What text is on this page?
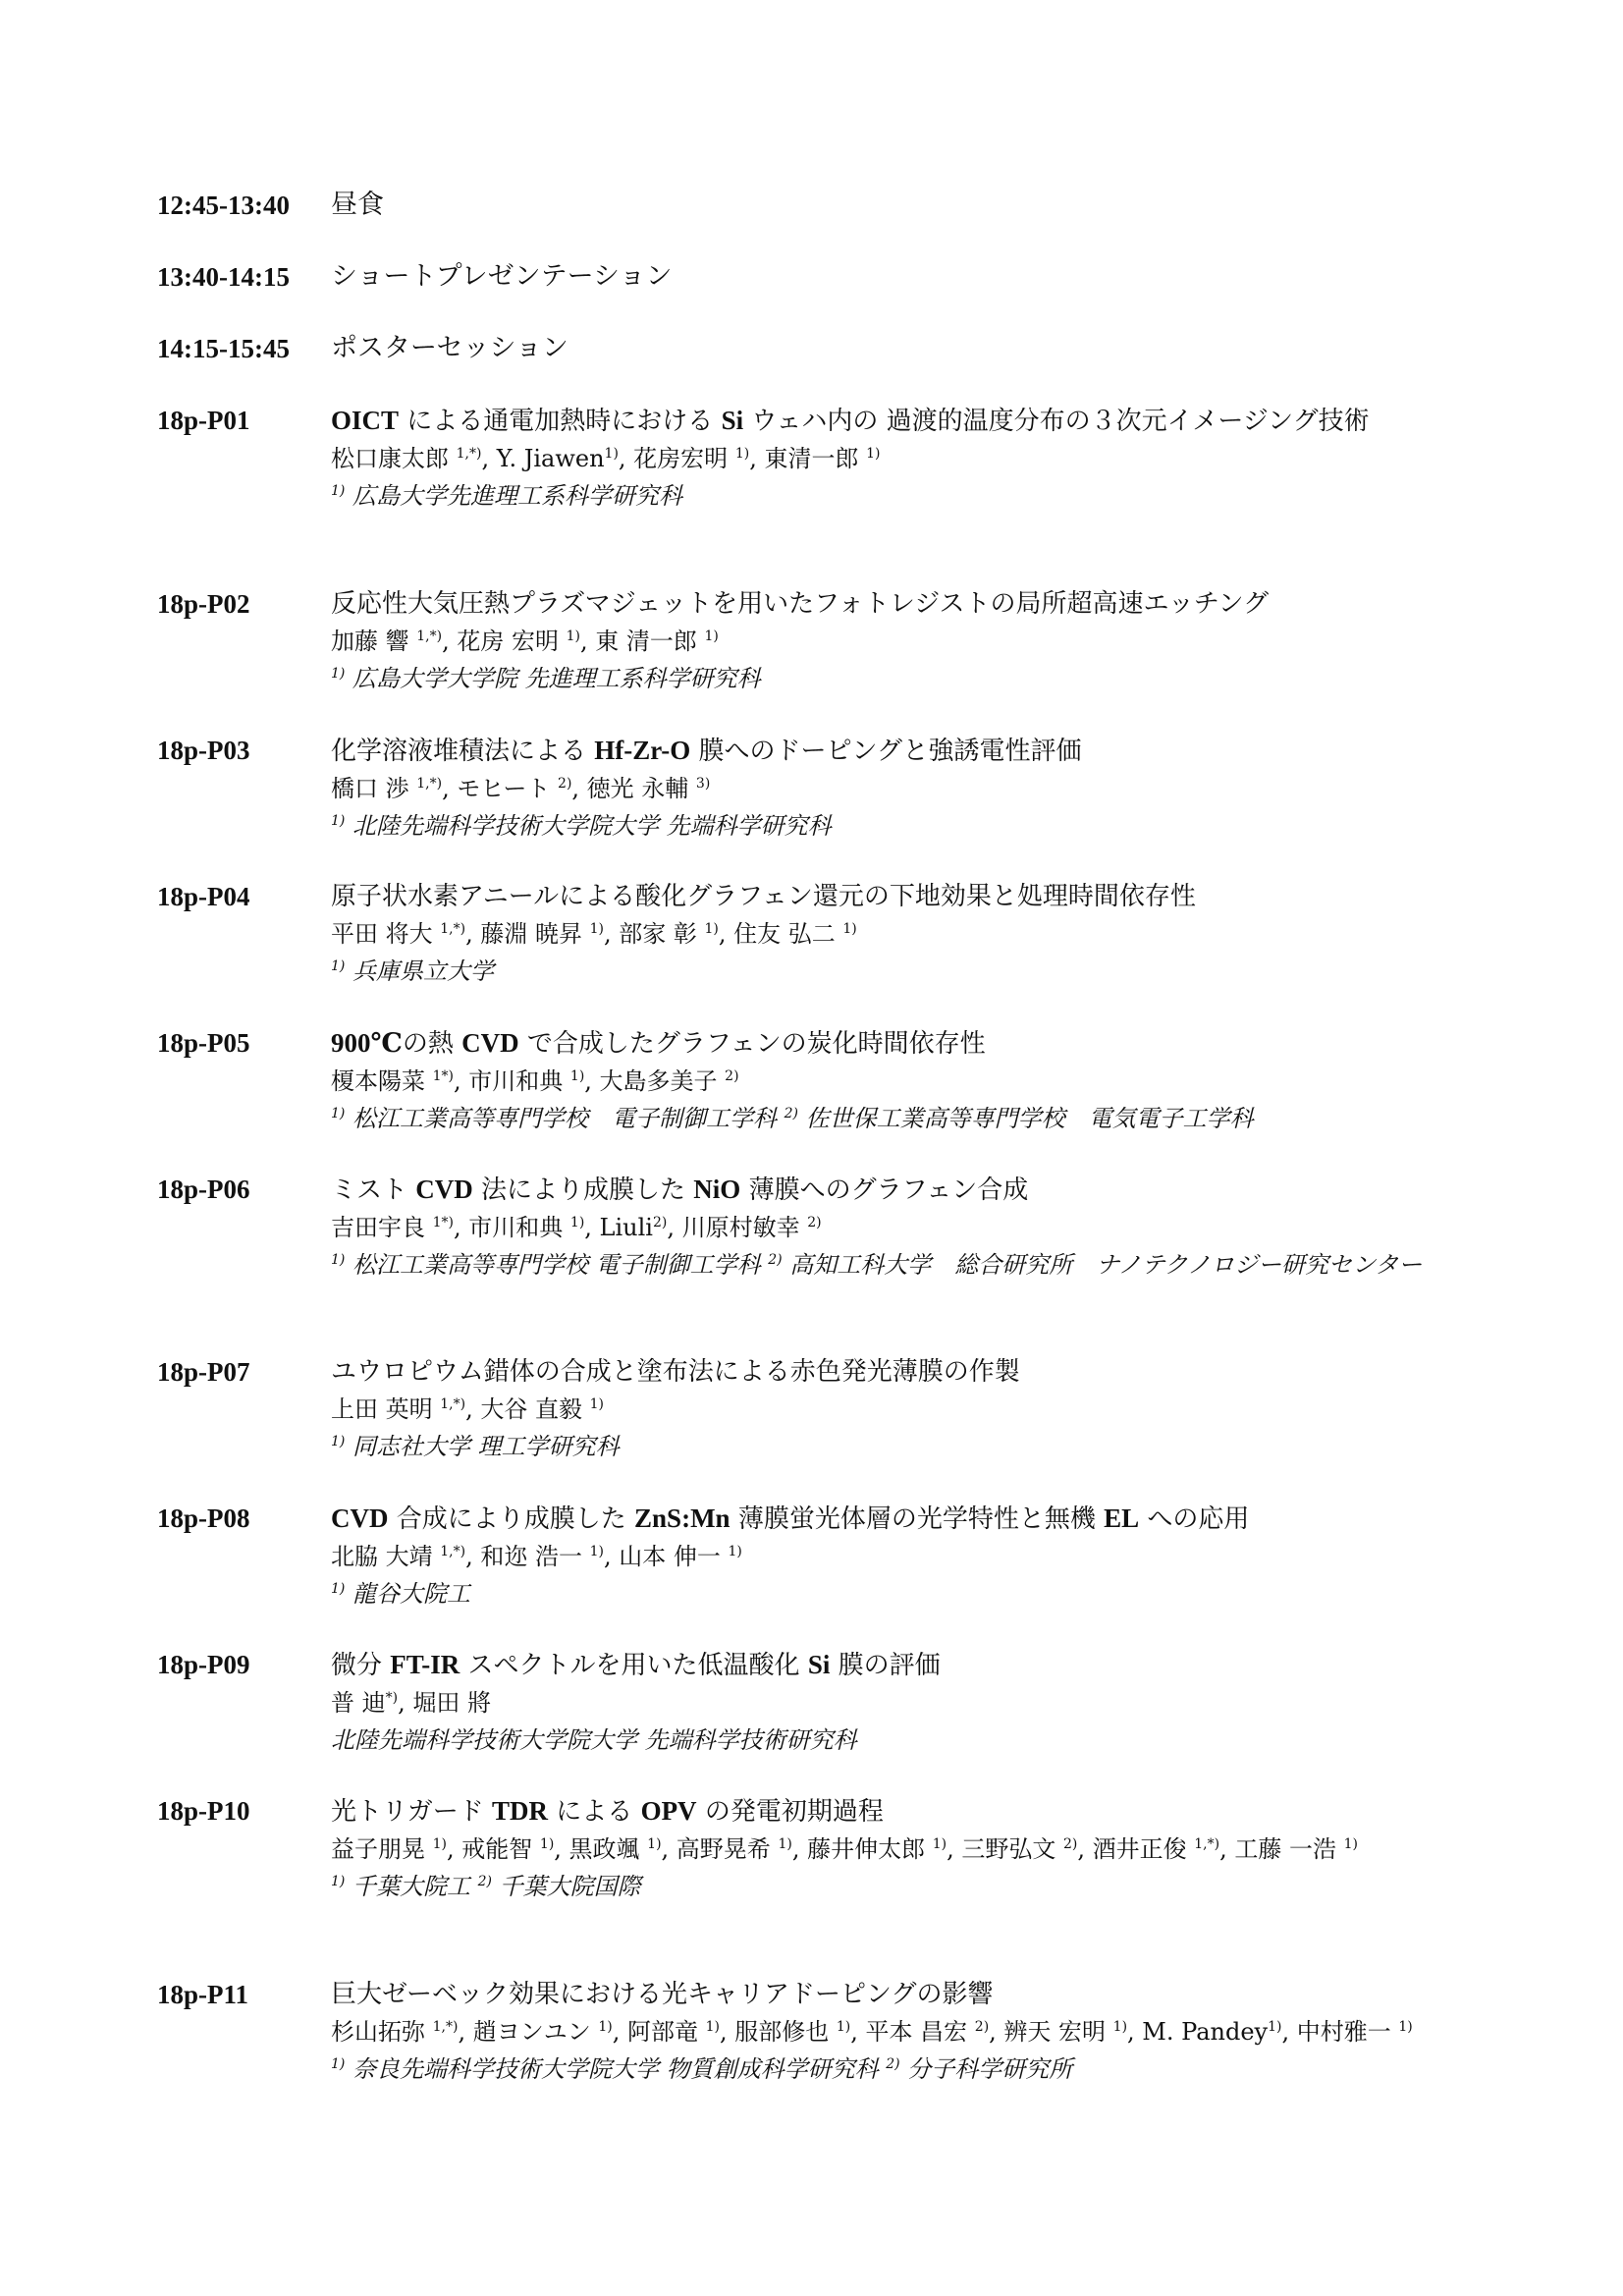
12:45-13:40	昼食
13:40-14:15	ショートプレゼンテーション
14:15-15:45	ポスターセッション
18p-P01	OICT による通電加熱時における Si ウェハ内の 過渡的温度分布の３次元イメージング技術
松口康太郎 $^{1,*)}$, Y. Jiawen$^{1)}$, 花房宏明 $^{1)}$, 東清一郎 $^{1)}$
$^{1)}$ 広島大学先進理工系科学研究科
18p-P02	反応性大気圧熱プラズマジェットを用いたフォトレジストの局所超高速エッチング
加藤 響 $^{1,*)}$, 花房 宏明 $^{1)}$, 東 清一郎 $^{1)}$
$^{1)}$ 広島大学大学院 先進理工系科学研究科
18p-P03	化学溶液堆積法による Hf-Zr-O 膜へのドーピングと強誘電性評価
橋口 渉 $^{1,*)}$, モヒート $^{2)}$, 徳光 永輔 $^{3)}$
$^{1)}$ 北陸先端科学技術大学院大学 先端科学研究科
18p-P04	原子状水素アニールによる酸化グラフェン還元の下地効果と処理時間依存性
平田 将大 $^{1,*)}$, 藤淵 暁昇 $^{1)}$, 部家 彰 $^{1)}$, 住友 弘二 $^{1)}$
$^{1)}$ 兵庫県立大学
18p-P05	900℃の熱 CVD で合成したグラフェンの炭化時間依存性
榎本陽菜 $^{1*)}$, 市川和典 $^{1)}$, 大島多美子 $^{2)}$
$^{1)}$ 松江工業高等専門学校　電子制御工学科 $^{2)}$ 佐世保工業高等専門学校　電気電子工学科
18p-P06	ミスト CVD 法により成膜した NiO 薄膜へのグラフェン合成
吉田宇良 $^{1*)}$, 市川和典 $^{1)}$, Liuli$^{2)}$, 川原村敏幸 $^{2)}$
$^{1)}$ 松江工業高等専門学校 電子制御工学科 $^{2)}$ 高知工科大学　総合研究所　ナノテクノロジー研究センター
18p-P07	ユウロピウム錯体の合成と塗布法による赤色発光薄膜の作製
上田 英明 $^{1,*)}$, 大谷 直毅 $^{1)}$
$^{1)}$ 同志社大学 理工学研究科
18p-P08	CVD 合成により成膜した ZnS:Mn 薄膜蛍光体層の光学特性と無機 EL への応用
北脇 大靖 $^{1,*)}$, 和迩 浩一 $^{1)}$, 山本 伸一 $^{1)}$
$^{1)}$ 龍谷大院工
18p-P09	微分 FT-IR スペクトルを用いた低温酸化 Si 膜の評価
普 迪*), 堀田 將
北陸先端科学技術大学院大学 先端科学技術研究科
18p-P10	光トリガード TDR による OPV の発電初期過程
益子朋晃 $^{1)}$, 戒能智 $^{1)}$, 黒政颯 $^{1)}$, 高野晃希 $^{1)}$, 藤井伸太郎 $^{1)}$, 三野弘文 $^{2)}$, 酒井正俊 $^{1,*)}$, 工藤 一浩 $^{1)}$
$^{1)}$ 千葉大院工 $^{2)}$ 千葉大院国際
18p-P11	巨大ゼーベック効果における光キャリアドーピングの影響
杉山拓弥 $^{1,*)}$, 趙ヨンユン $^{1)}$, 阿部竜 $^{1)}$, 服部修也 $^{1)}$, 平本 昌宏 $^{2)}$, 辨天 宏明 $^{1)}$, M. Pandey$^{1)}$, 中村雅一 $^{1)}$
$^{1)}$ 奈良先端科学技術大学院大学 物質創成科学研究科 $^{2)}$ 分子科学研究所
